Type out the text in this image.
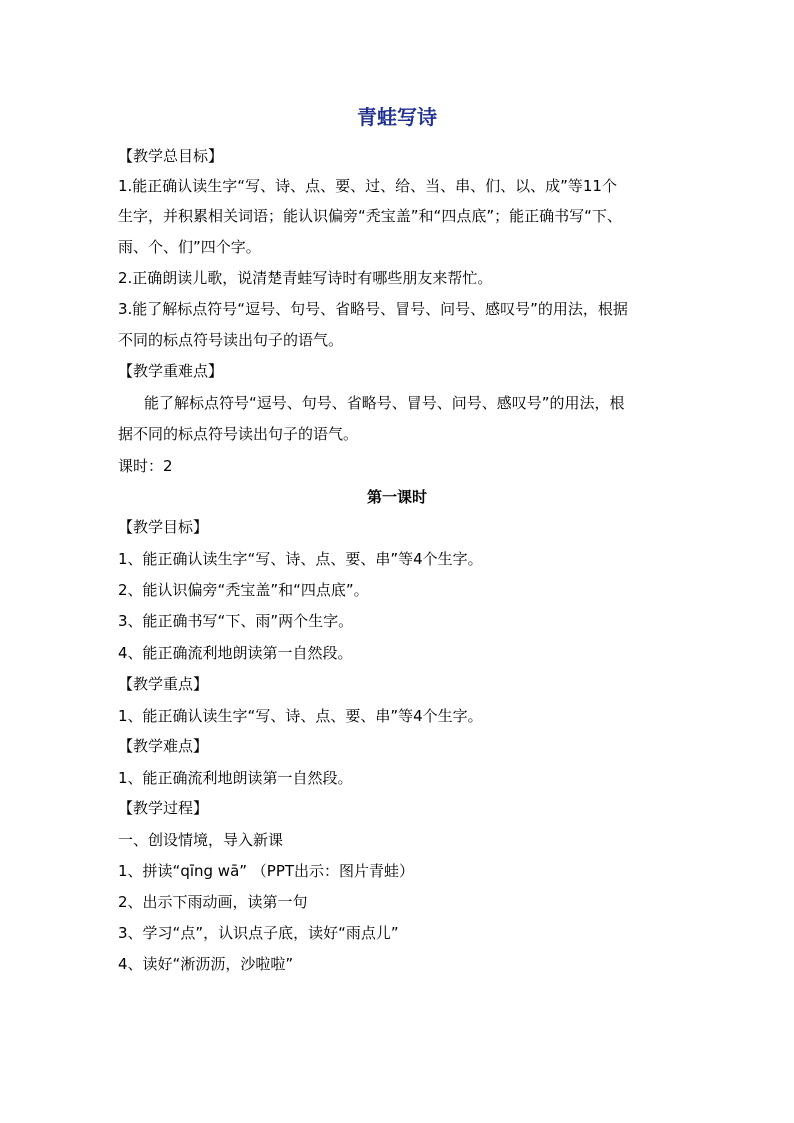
青蛙写诗
【教学总目标】
1.能正确认读生字“写、诗、点、要、过、给、当、串、们、以、成”等11个
生字，并积累相关词语；能认识偏旁“秃宝盖”和“四点底”；能正确书写“下、
雨、个、们”四个字。
2.正确朗读儿歌，说清楚青蛙写诗时有哪些朋友来帮忙。
3.能了解标点符号“逗号、句号、省略号、冒号、问号、感叹号”的用法，根据
不同的标点符号读出句子的语气。
【教学重难点】
能了解标点符号“逗号、句号、省略号、冒号、问号、感叹号”的用法，根
据不同的标点符号读出句子的语气。
课时：2
第一课时
【教学目标】
1、能正确认读生字“写、诗、点、要、串”等4个生字。
2、能认识偏旁“秃宝盖”和“四点底”。
3、能正确书写“下、雨”两个生字。
4、能正确流利地朗读第一自然段。
【教学重点】
1、能正确认读生字“写、诗、点、要、串”等4个生字。
【教学难点】
1、能正确流利地朗读第一自然段。
【教学过程】
一、创设情境，导入新课
1、拼读“qīng wā” （PPT出示：图片青蛙）
2、出示下雨动画，读第一句
3、学习“点”，认识点子底，读好“雨点儿”
4、读好“淅沥沥，沙啦啦”
